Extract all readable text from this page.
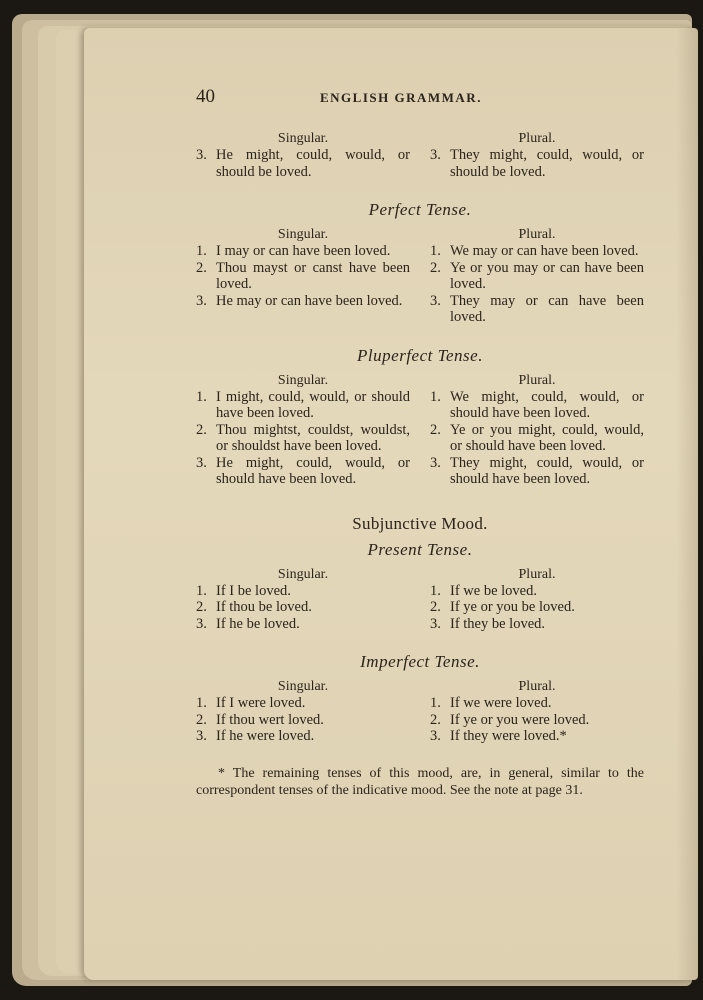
40	ENGLISH GRAMMAR.
Singular.
3. He might, could, would, or should be loved.
Plural.
3. They might, could, would, or should be loved.
Perfect Tense.
Singular.
1. I may or can have been loved.
2. Thou mayst or canst have been loved.
3. He may or can have been loved.
Plural.
1. We may or can have been loved.
2. Ye or you may or can have been loved.
3. They may or can have been loved.
Pluperfect Tense.
Singular.
1. I might, could, would, or should have been loved.
2. Thou mightst, couldst, wouldst, or shouldst have been loved.
3. He might, could, would, or should have been loved.
Plural.
1. We might, could, would, or should have been loved.
2. Ye or you might, could, would, or should have been loved.
3. They might, could, would, or should have been loved.
Subjunctive Mood.
Present Tense.
Singular.
1. If I be loved.
2. If thou be loved.
3. If he be loved.
Plural.
1. If we be loved.
2. If ye or you be loved.
3. If they be loved.
Imperfect Tense.
Singular.
1. If I were loved.
2. If thou wert loved.
3. If he were loved.
Plural.
1. If we were loved.
2. If ye or you were loved.
3. If they were loved.*
* The remaining tenses of this mood, are, in general, similar to the correspondent tenses of the indicative mood. See the note at page 31.
